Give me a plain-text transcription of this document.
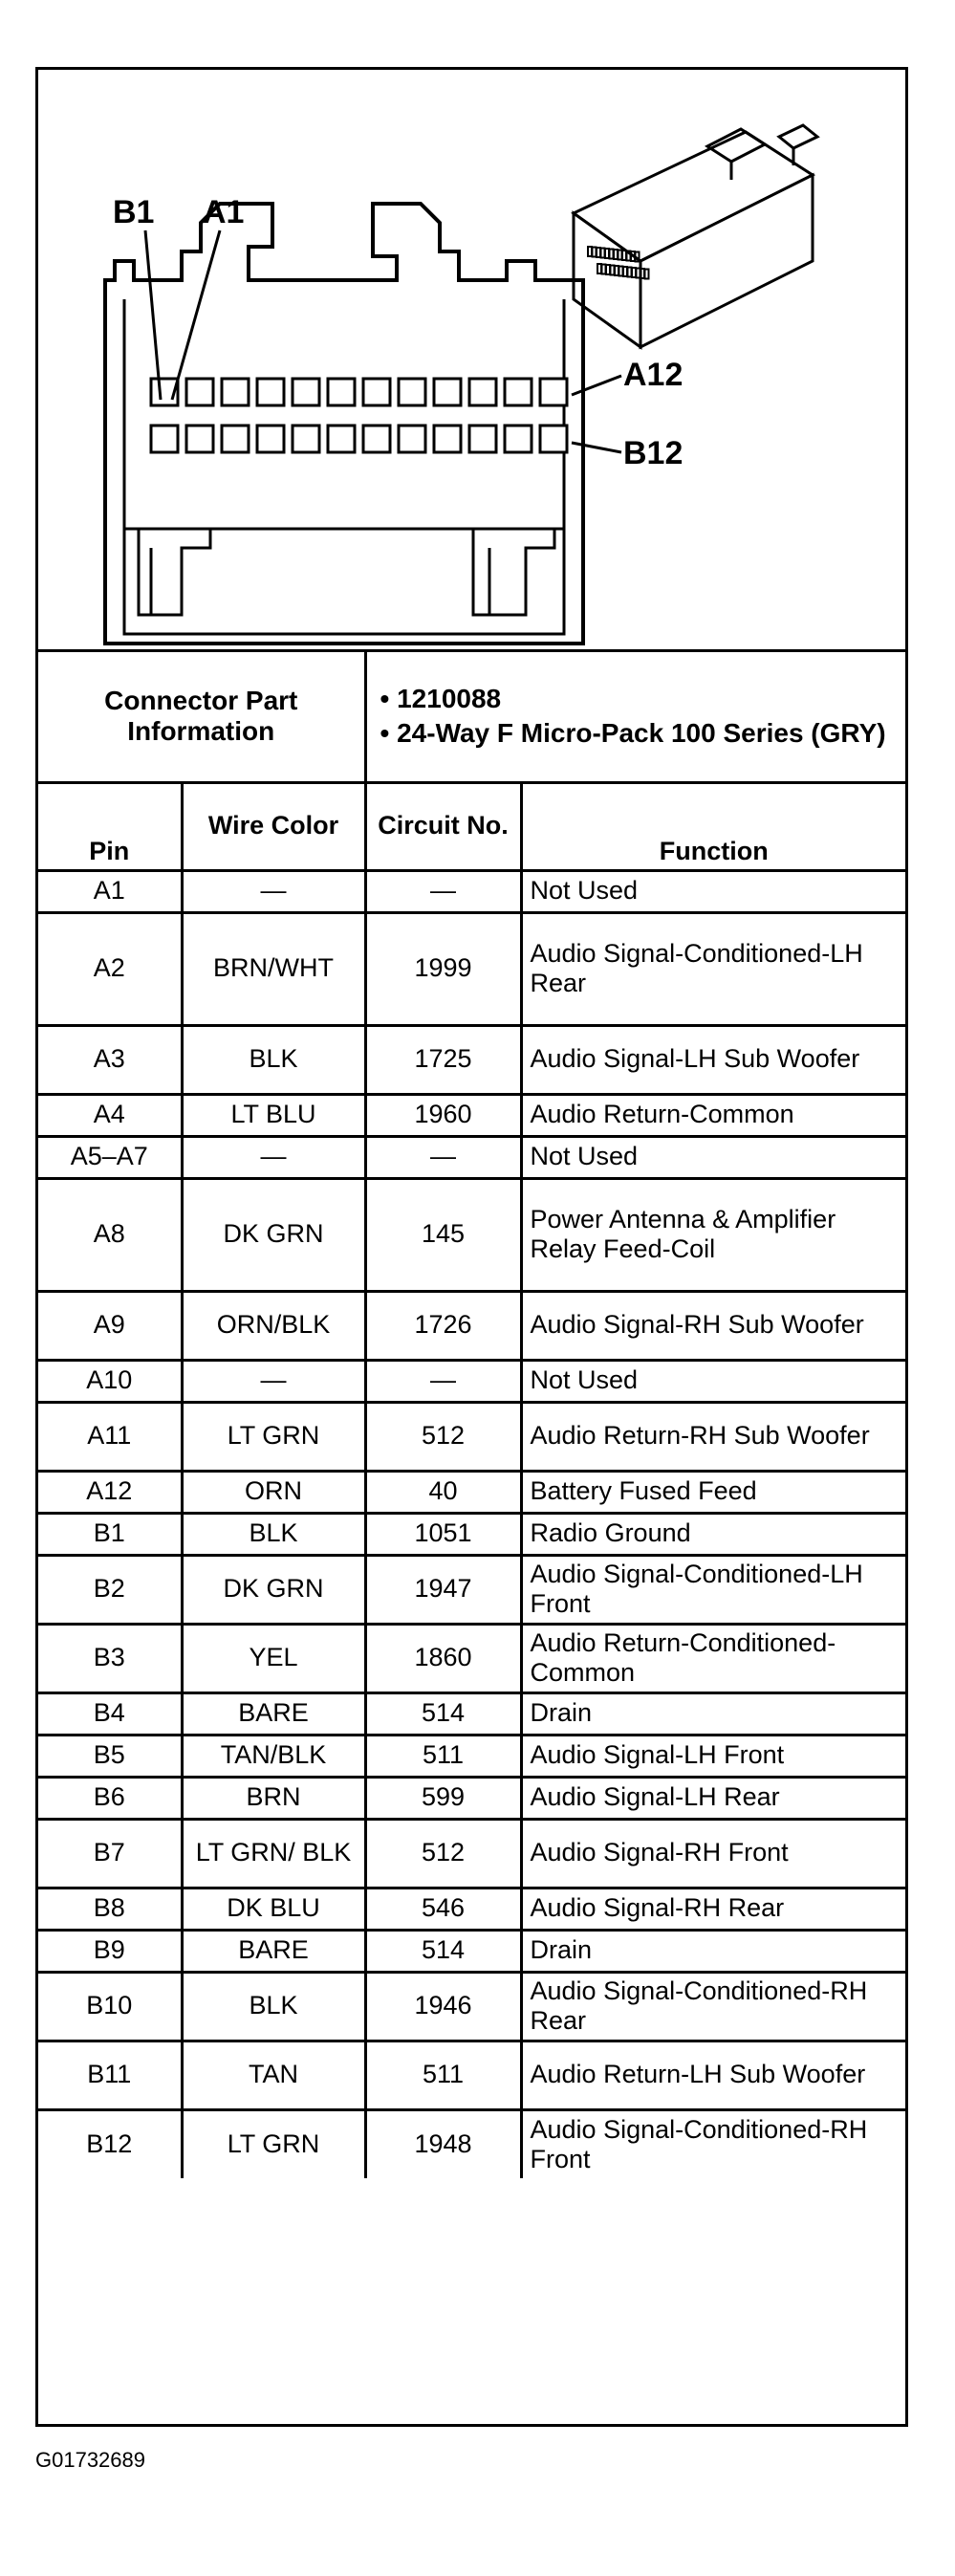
B1 A1
A12
B12
Connector Part Information		• 1210088
• 24-Way F Micro-Pack 100 Series (GRY)	

Pin	Wire Color	Circuit No.	Function
A1	—	—	Not Used
A2	BRN/WHT	1999	Audio Signal-Conditioned-LH Rear
A3	BLK	1725	Audio Signal-LH Sub Woofer
A4	LT BLU	1960	Audio Return-Common
A5–A7	—	—	Not Used
A8	DK GRN	145	Power Antenna & Amplifier Relay Feed-Coil
A9	ORN/BLK	1726	Audio Signal-RH Sub Woofer
A10	—	—	Not Used
A11	LT GRN	512	Audio Return-RH Sub Woofer
A12	ORN	40	Battery Fused Feed
B1	BLK	1051	Radio Ground
B2	DK GRN	1947	Audio Signal-Conditioned-LH Front
B3	YEL	1860	Audio Return-Conditioned-Common
B4	BARE	514	Drain
B5	TAN/BLK	511	Audio Signal-LH Front
B6	BRN	599	Audio Signal-LH Rear
B7	LT GRN/ BLK	512	Audio Signal-RH Front
B8	DK BLU	546	Audio Signal-RH Rear
B9	BARE	514	Drain
B10	BLK	1946	Audio Signal-Conditioned-RH Rear
B11	TAN	511	Audio Return-LH Sub Woofer
B12	LT GRN	1948	Audio Signal-Conditioned-RH Front
G01732689
